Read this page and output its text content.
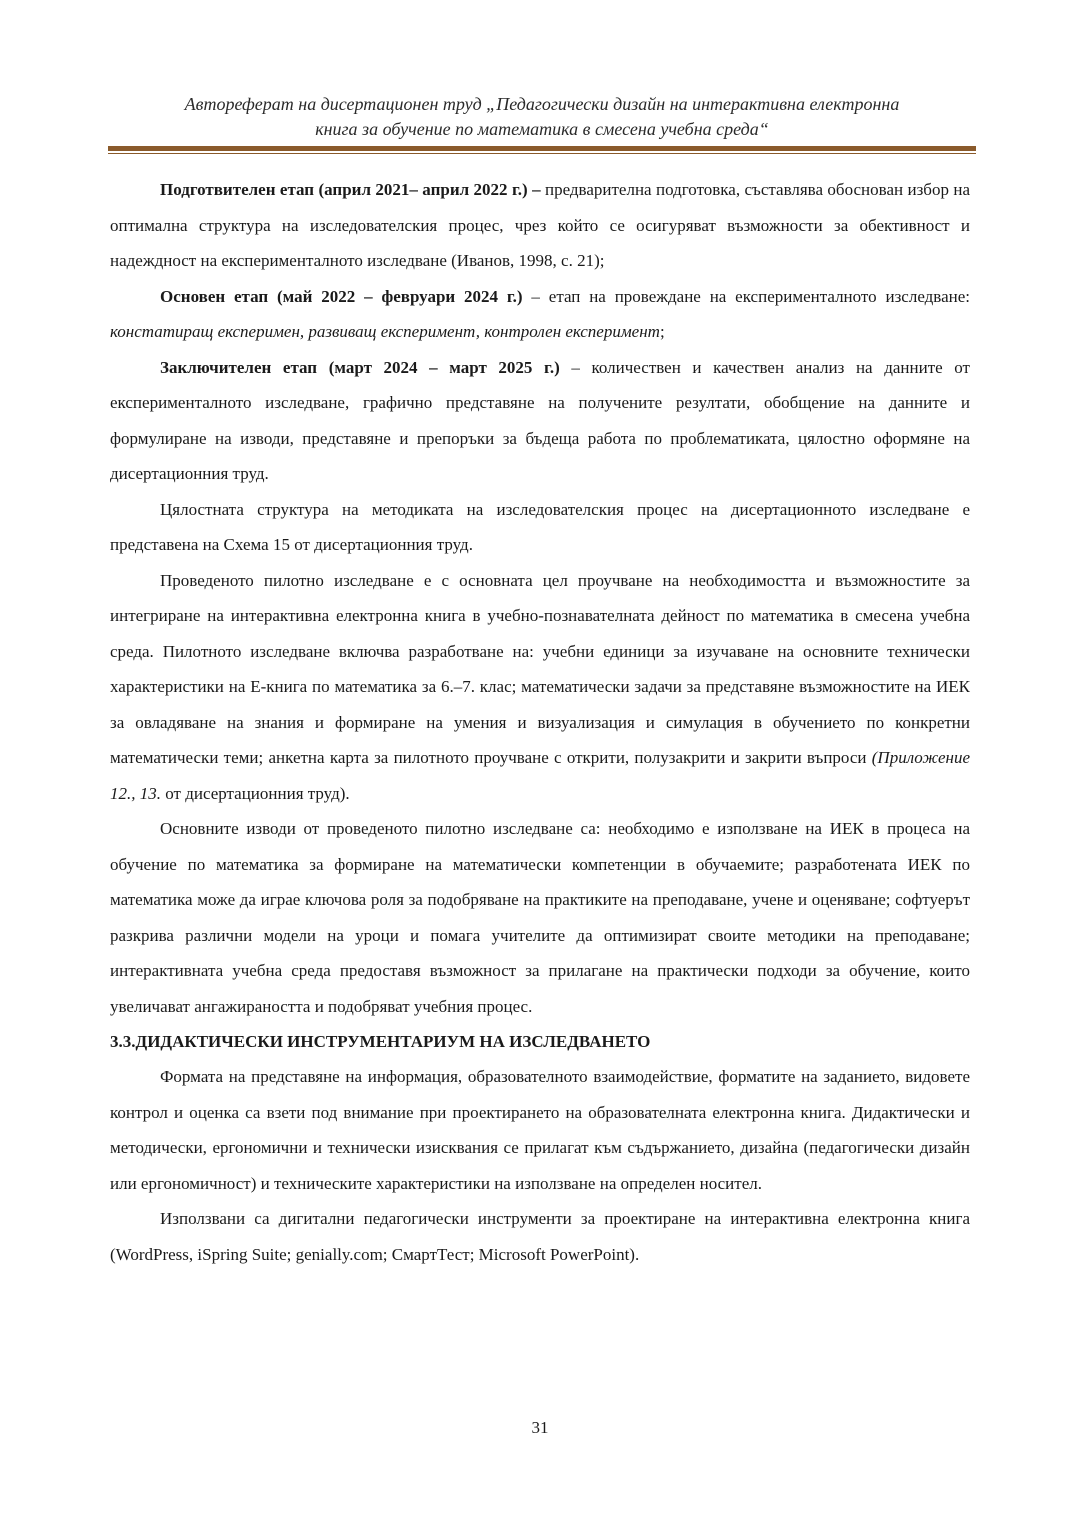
Автореферат на дисертационен труд „Педагогически дизайн на интерактивна електронна
книга за обучение по математика в смесена учебна среда“

Подготвителен етап (април 2021– април 2022 г.) – предварителна подготовка, съставлява обоснован избор на оптимална структура на изследователския процес, чрез който се осигуряват възможности за обективност и надеждност на експерименталното изследване (Иванов, 1998, с. 21);

Основен етап (май 2022 – февруари 2024 г.) – етап на провеждане на експерименталното изследване: констатиращ експеримен, развиващ експеримент, контролен експеримент;

Заключителен етап (март 2024 – март 2025 г.) – количествен и качествен анализ на данните от експерименталното изследване, графично представяне на получените резултати, обобщение на данните и формулиране на изводи, представяне и препоръки за бъдеща работа по проблематиката, цялостно оформяне на дисертационния труд.

Цялостната структура на методиката на изследователския процес на дисертационното изследване е представена на Схема 15 от дисертационния труд.

Проведеното пилотно изследване е с основната цел проучване на необходимостта и възможностите за интегриране на интерактивна електронна книга в учебно-познавателната дейност по математика в смесена учебна среда. Пилотното изследване включва разработване на: учебни единици за изучаване на основните технически характеристики на Е-книга по математика за 6.–7. клас; математически задачи за представяне възможностите на ИЕК за овладяване на знания и формиране на умения и визуализация и симулация в обучението по конкретни математически теми; анкетна карта за пилотното проучване с открити, полузакрити и закрити въпроси (Приложение 12., 13. от дисертационния труд).

Основните изводи от проведеното пилотно изследване са: необходимо е използване на ИЕК в процеса на обучение по математика за формиране на математически компетенции в обучаемите; разработената ИЕК по математика може да играе ключова роля за подобряване на практиките на преподаване, учене и оценяване; софтуерът разкрива различни модели на уроци и помага учителите да оптимизират своите методики на преподаване; интерактивната учебна среда предоставя възможност за прилагане на практически подходи за обучение, които увеличават ангажираността и подобряват учебния процес.

3.3.ДИДАКТИЧЕСКИ ИНСТРУМЕНТАРИУМ НА ИЗСЛЕДВАНЕТО

Формата на представяне на информация, образователното взаимодействие, форматите на заданието, видовете контрол и оценка са взети под внимание при проектирането на образователната електронна книга. Дидактически и методически, ергономични и технически изисквания се прилагат към съдържанието, дизайна (педагогически дизайн или ергономичност) и техническите характеристики на използване на определен носител.

Използвани са дигитални педагогически инструменти за проектиране на интерактивна електронна книга (WordPress, iSpring Suite; genially.com; СмартТест; Microsoft PowerPoint).

31
